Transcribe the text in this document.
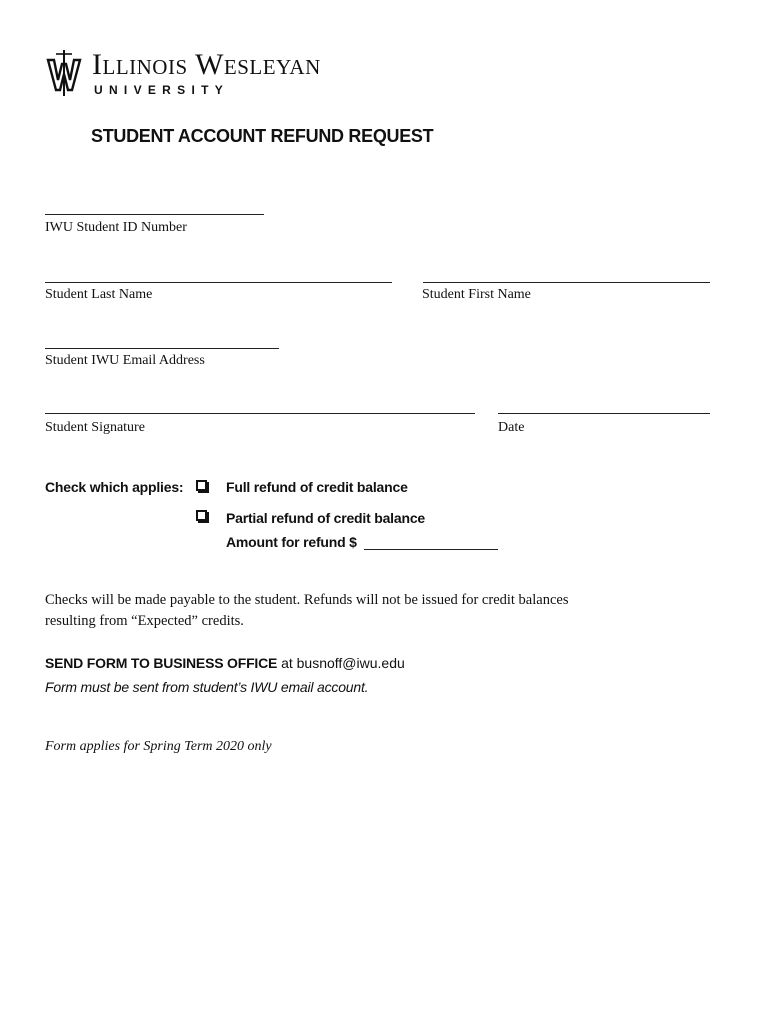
Illinois Wesleyan
UNIVERSITY
STUDENT ACCOUNT REFUND REQUEST
IWU Student ID Number
Student Last Name	Student First Name
Student IWU Email Address
Student Signature	Date
Check which applies:	Full refund of credit balance
Partial refund of credit balance
Amount for refund $
Checks will be made payable to the student. Refunds will not be issued for credit balances
resulting from “Expected” credits.
SEND FORM TO BUSINESS OFFICE at busnoff@iwu.edu
Form must be sent from student’s IWU email account.
Form applies for Spring Term 2020 only
